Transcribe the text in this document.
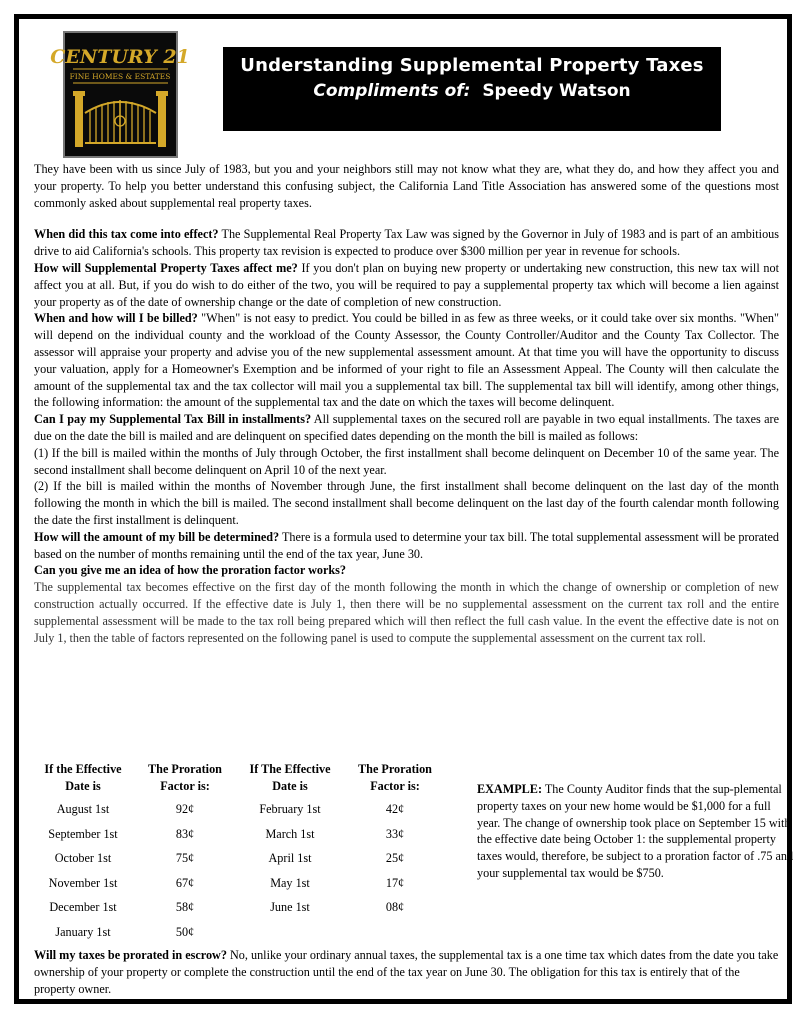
CENTURY 21
FINE HOMES & ESTATES
Understanding Supplemental Property Taxes
Compliments of: Speedy Watson

They have been with us since July of 1983, but you and your neighbors still may not know what they are, what they do, and how they affect you and your property. To help you better understand this confusing subject, the California Land Title Association has answered some of the questions most commonly asked about supplemental real property taxes.

When did this tax come into effect? The Supplemental Real Property Tax Law was signed by the Governor in July of 1983 and is part of an ambitious drive to aid California's schools. This property tax revision is expected to produce over $300 million per year in revenue for schools.

How will Supplemental Property Taxes affect me? If you don't plan on buying new property or undertaking new construction, this new tax will not affect you at all. But, if you do wish to do either of the two, you will be required to pay a supplemental property tax which will become a lien against your property as of the date of ownership change or the date of completion of new construction.

When and how will I be billed? "When" is not easy to predict. You could be billed in as few as three weeks, or it could take over six months. "When" will depend on the individual county and the workload of the County Assessor, the County Controller/Auditor and the County Tax Collector. The assessor will appraise your property and advise you of the new supplemental assessment amount. At that time you will have the opportunity to discuss your valuation, apply for a Homeowner's Exemption and be informed of your right to file an Assessment Appeal. The County will then calculate the amount of the supplemental tax and the tax collector will mail you a supplemental tax bill. The supplemental tax bill will identify, among other things, the following information: the amount of the supplemental tax and the date on which the taxes will become delinquent.

Can I pay my Supplemental Tax Bill in installments? All supplemental taxes on the secured roll are payable in two equal installments. The taxes are due on the date the bill is mailed and are delinquent on specified dates depending on the month the bill is mailed as follows:

(1) If the bill is mailed within the months of July through October, the first installment shall become delinquent on December 10 of the same year. The second installment shall become delinquent on April 10 of the next year.

(2) If the bill is mailed within the months of November through June, the first installment shall become delinquent on the last day of the month following the month in which the bill is mailed. The second installment shall become delinquent on the last day of the fourth calendar month following the date the first installment is delinquent.

How will the amount of my bill be determined? There is a formula used to determine your tax bill. The total supplemental assessment will be prorated based on the number of months remaining until the end of the tax year, June 30.

Can you give me an idea of how the proration factor works?

The supplemental tax becomes effective on the first day of the month following the month in which the change of ownership or completion of new construction actually occurred. If the effective date is July 1, then there will be no supplemental assessment on the current tax roll and the entire supplemental assessment will be made to the tax roll being prepared which will then reflect the full cash value. In the event the effective date is not on July 1, then the table of factors represented on the following panel is used to compute the supplemental assessment on the current tax roll.

If the Effective
Date is
August 1st
September 1st
October 1st
November 1st
December 1st
January 1st
The Proration
Factor is:
92¢
83¢
75¢
67¢
58¢
50¢
If The Effective
Date is
February 1st
March 1st
April 1st
May 1st
June 1st
The Proration
Factor is:
42¢
33¢
25¢
17¢
08¢
EXAMPLE: The County Auditor finds that the sup-plemental property taxes on your new home would be $1,000 for a full year. The change of ownership took place on September 15 with the effective date being October 1: the supplemental property taxes would, therefore, be subject to a proration factor of .75 and your supplemental tax would be $750.
Will my taxes be prorated in escrow? No, unlike your ordinary annual taxes, the supplemental tax is a one time tax which dates from the date you take ownership of your property or complete the construction until the end of the tax year on June 30. The obligation for this tax is entirely that of the property owner.
